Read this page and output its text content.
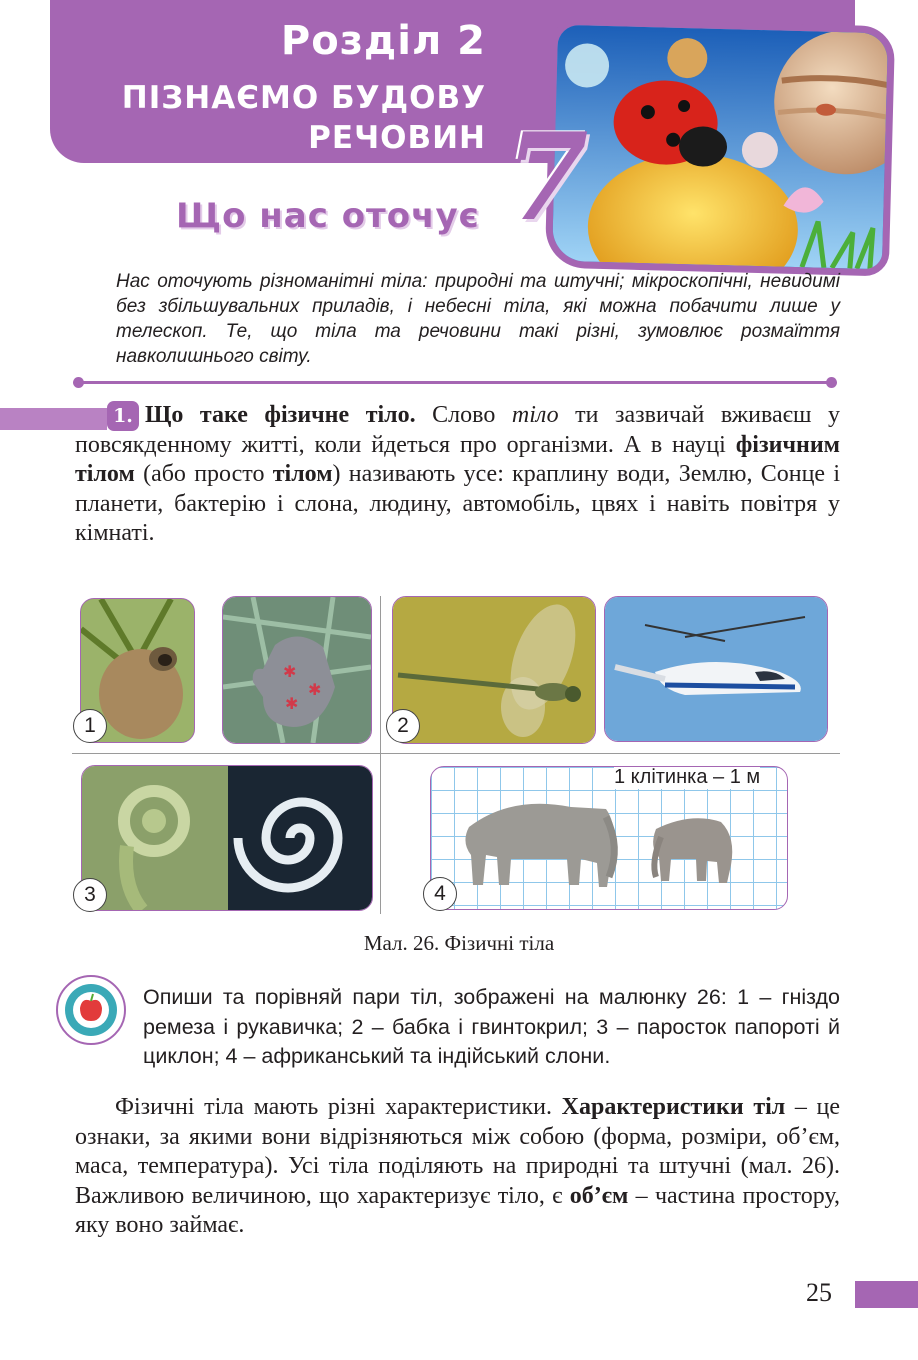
Розділ 2
ПІЗНАЄМО БУДОВУ
РЕЧОВИН 7
Що нас оточує
Нас оточують різноманітні тіла: природні та штучні; мікроскопічні, невидимі без збільшувальних приладів, і небесні тіла, які можна побачити лише у телескоп. Те, що тіла та речовини такі різні, зумовлює розмаїття навколишнього світу.
1. Що таке фізичне тіло. Слово тіло ти зазвичай вживаєш у повсякденному житті, коли йдеться про організми. А в науці фізичним тілом (або просто тілом) називають усе: краплину води, Землю, Сонце і планети, бактерію і слона, людину, автомобіль, цвях і навіть повітря у кімнаті.
✱
✱
✱
1	2
3
1 клітинка – 1 м
4
Мал. 26. Фізичні тіла
Опиши та порівняй пари тіл, зображені на малюнку 26: 1 – гніздо ремеза і рукавичка; 2 – бабка і гвинтокрил; 3 – паросток папороті й циклон; 4 – африканський та індійський слони.
Фізичні тіла мають різні характеристики. Характеристики тіл – це ознаки, за якими вони відрізняються між собою (форма, розміри, об’єм, маса, температура). Усі тіла поділяють на природні та штучні (мал. 26). Важливою величиною, що характеризує тіло, є об’єм – частина простору, яку воно займає.
25
